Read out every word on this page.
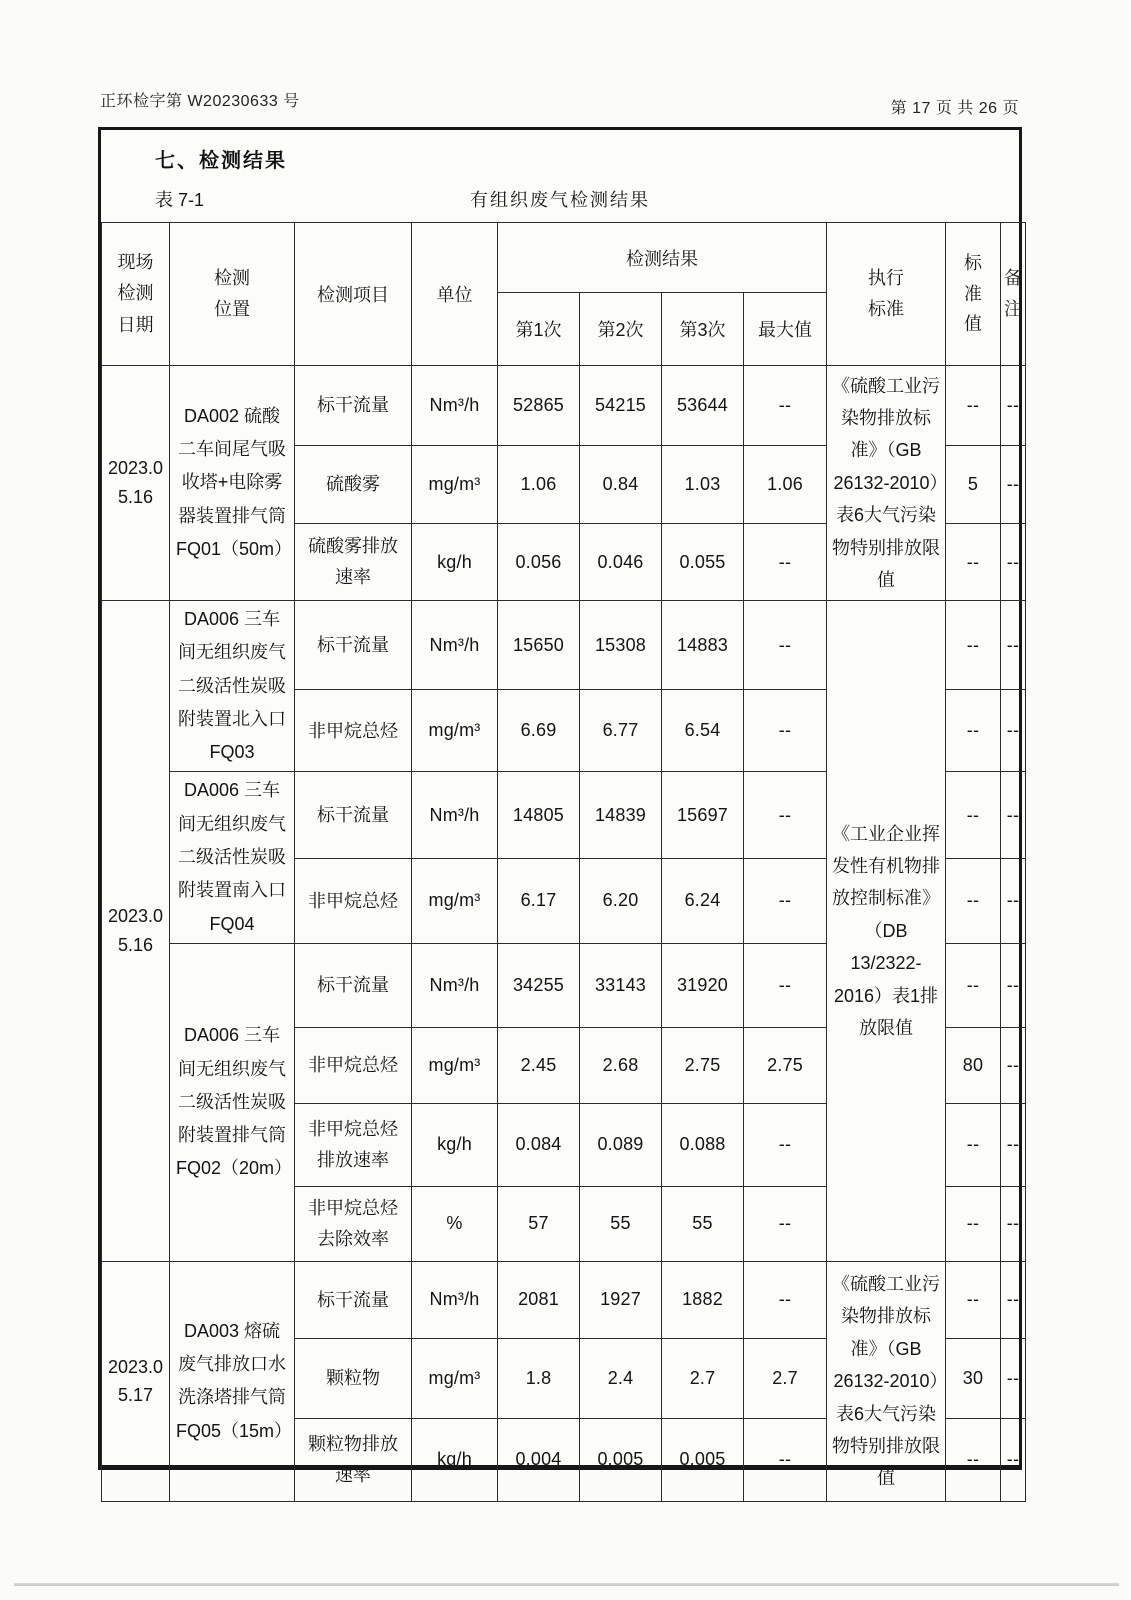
正环检字第 W20230633 号	第 17 页 共 26 页
七、检测结果
表 7-1	有组织废气检测结果
现场检测日期	检测位置	检测项目	单位	检测结果				执行标准	标准值	备注
				第1次	第2次	第3次	最大值			
2023.05.16	DA002 硫酸二车间尾气吸收塔+电除雾器装置排气筒 FQ01（50m）	标干流量	Nm³/h	52865	54215	53644	--	《硫酸工业污染物排放标准》（GB 26132-2010）表6大气污染物特别排放限值	--	--
		硫酸雾	mg/m³	1.06	0.84	1.03	1.06		5	--
		硫酸雾排放速率	kg/h	0.056	0.046	0.055	--		--	--
2023.05.16	DA006 三车间无组织废气二级活性炭吸附装置北入口 FQ03	标干流量	Nm³/h	15650	15308	14883	--	《工业企业挥发性有机物排放控制标准》（DB 13/2322-2016）表1排放限值	--	--
		非甲烷总烃	mg/m³	6.69	6.77	6.54	--		--	--
	DA006 三车间无组织废气二级活性炭吸附装置南入口 FQ04	标干流量	Nm³/h	14805	14839	15697	--		--	--
		非甲烷总烃	mg/m³	6.17	6.20	6.24	--		--	--
	DA006 三车间无组织废气二级活性炭吸附装置排气筒 FQ02（20m）	标干流量	Nm³/h	34255	33143	31920	--		--	--
		非甲烷总烃	mg/m³	2.45	2.68	2.75	2.75		80	--
		非甲烷总烃排放速率	kg/h	0.084	0.089	0.088	--		--	--
		非甲烷总烃去除效率	%	57	55	55	--		--	--
2023.05.17	DA003 熔硫废气排放口水洗涤塔排气筒 FQ05（15m）	标干流量	Nm³/h	2081	1927	1882	--	《硫酸工业污染物排放标准》（GB 26132-2010）表6大气污染物特别排放限值	--	--
		颗粒物	mg/m³	1.8	2.4	2.7	2.7		30	--
		颗粒物排放速率	kg/h	0.004	0.005	0.005	--		--	--
